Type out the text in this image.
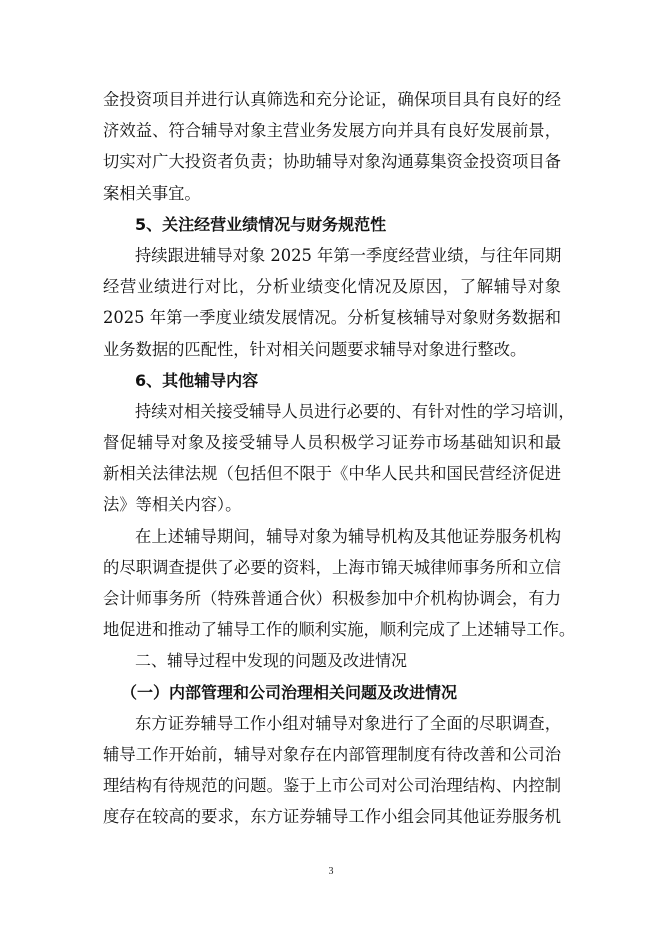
金投资项目并进行认真筛选和充分论证，确保项目具有良好的经
济效益、符合辅导对象主营业务发展方向并具有良好发展前景，
切实对广大投资者负责；协助辅导对象沟通募集资金投资项目备
案相关事宜。
5、关注经营业绩情况与财务规范性
持续跟进辅导对象 2025 年第一季度经营业绩，与往年同期
经营业绩进行对比，分析业绩变化情况及原因，了解辅导对象
2025 年第一季度业绩发展情况。分析复核辅导对象财务数据和
业务数据的匹配性，针对相关问题要求辅导对象进行整改。
6、其他辅导内容
持续对相关接受辅导人员进行必要的、有针对性的学习培训，
督促辅导对象及接受辅导人员积极学习证券市场基础知识和最
新相关法律法规（包括但不限于《中华人民共和国民营经济促进
法》等相关内容）。
在上述辅导期间，辅导对象为辅导机构及其他证券服务机构
的尽职调查提供了必要的资料，上海市锦天城律师事务所和立信
会计师事务所（特殊普通合伙）积极参加中介机构协调会，有力
地促进和推动了辅导工作的顺利实施，顺利完成了上述辅导工作。
二、辅导过程中发现的问题及改进情况
（一）内部管理和公司治理相关问题及改进情况
东方证券辅导工作小组对辅导对象进行了全面的尽职调查，
辅导工作开始前，辅导对象存在内部管理制度有待改善和公司治
理结构有待规范的问题。鉴于上市公司对公司治理结构、内控制
度存在较高的要求，东方证券辅导工作小组会同其他证券服务机
3
